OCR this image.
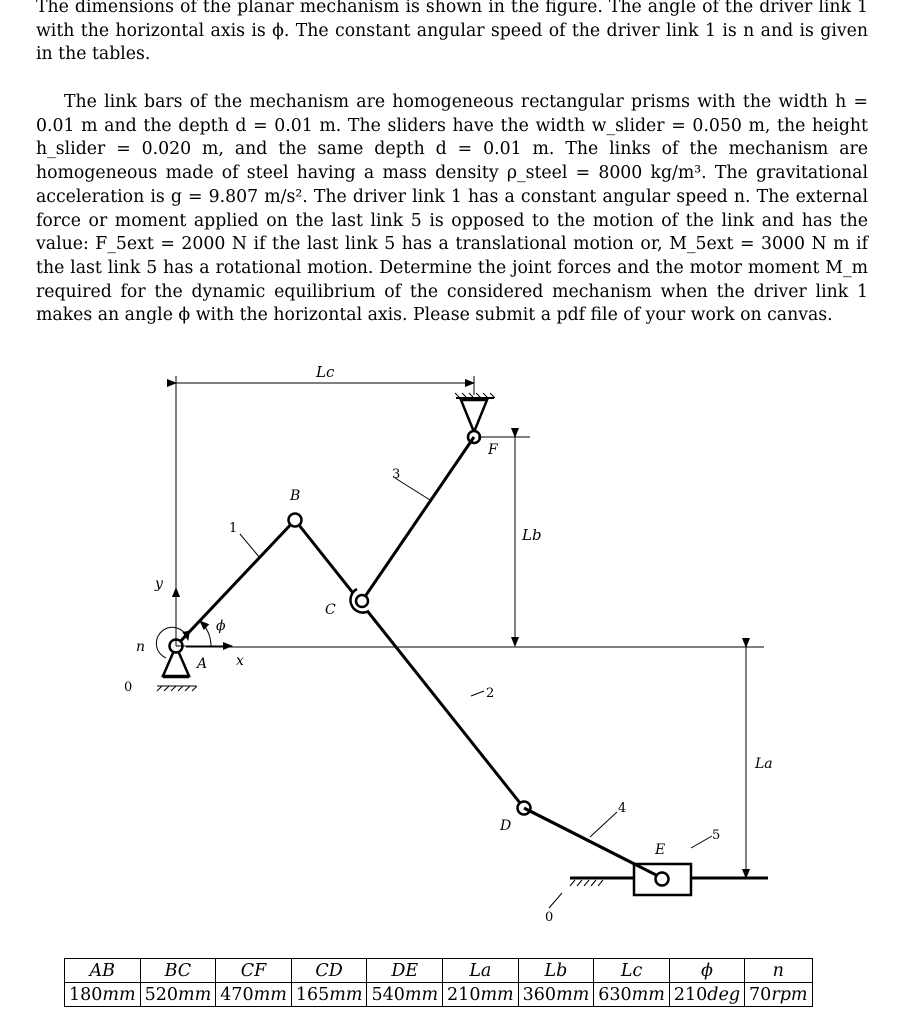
The dimensions of the planar mechanism is shown in the figure. The angle of the driver link 1 with the horizontal axis is ϕ. The constant angular speed of the driver link 1 is n and is given in the tables.
The link bars of the mechanism are homogeneous rectangular prisms with the width h = 0.01 m and the depth d = 0.01 m. The sliders have the width w_slider = 0.050 m, the height h_slider = 0.020 m, and the same depth d = 0.01 m. The links of the mechanism are homogeneous made of steel having a mass density ρ_steel = 8000 kg/m³. The gravitational acceleration is g = 9.807 m/s². The driver link 1 has a constant angular speed n. The external force or moment applied on the last link 5 is opposed to the motion of the link and has the value: F_5ext = 2000 N if the last link 5 has a translational motion or, M_5ext = 3000 N m if the last link 5 has a rotational motion. Determine the joint forces and the motor moment M_m required for the dynamic equilibrium of the considered mechanism when the driver link 1 makes an angle ϕ with the horizontal axis. Please submit a pdf file of your work on canvas.
Lc
F
Lb
La
3
1
2
4
C
B
D
E
5
0
A
0
y
x
ϕ
n
AB	BC	CF	CD	DE	La	Lb	Lc	ϕ	n
180mm	520mm	470mm	165mm	540mm	210mm	360mm	630mm	210deg	70rpm
